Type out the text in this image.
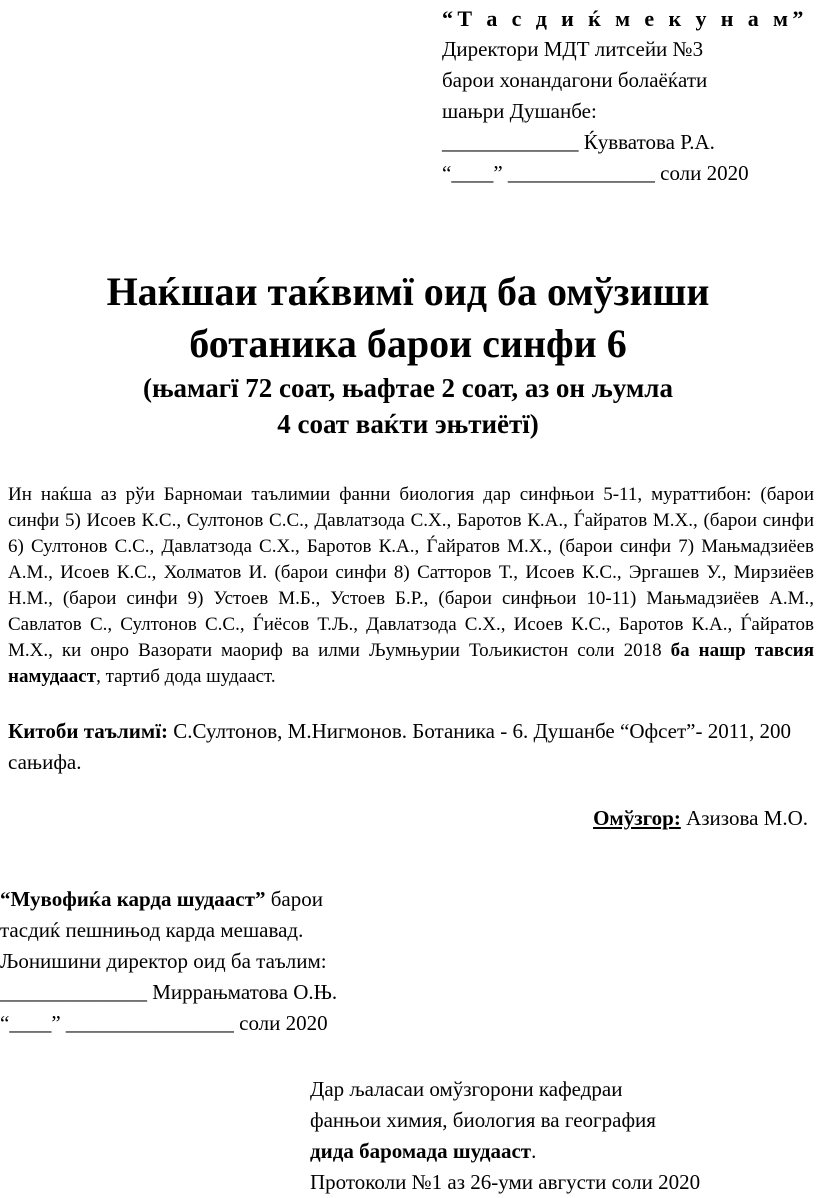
“Т а с д и ќ м е к у н а м”
Директори МДТ литсейи №3
барои хонандагони болаёќати
шањри Душанбе:
_____________ Ќувватова Р.А.
“____” ______________ соли 2020
Наќшаи таќвимї оид ба омўзиши
ботаника барои синфи 6
(њамагї 72 соат, њафтае 2 соат, аз он љумла
4 соат ваќти эњтиётї)
Ин наќша аз рўи Барномаи таълимии фанни биология дар синфњои 5-11, мураттибон: (барои синфи 5) Исоев К.С., Султонов С.С., Давлатзода С.Х., Баротов К.А., Ѓайратов М.Х., (барои синфи 6) Султонов С.С., Давлатзода С.Х., Баротов К.А., Ѓайратов М.Х., (барои синфи 7) Мањмадзиёев А.М., Исоев К.С., Холматов И. (барои синфи 8) Сатторов Т., Исоев К.С., Эргашев У., Мирзиёев Н.М., (барои синфи 9) Устоев М.Б., Устоев Б.Р., (барои синфњои 10-11) Мањмадзиёев А.М., Савлатов С., Султонов С.С., Ѓиёсов Т.Љ., Давлатзода С.Х., Исоев К.С., Баротов К.А., Ѓайратов М.Х., ки онро Вазорати маориф ва илми Љумњурии Тољикистон соли 2018 ба нашр тавсия намудааст, тартиб дода шудааст.
Китоби таълимї: С.Султонов, М.Нигмонов. Ботаника - 6. Душанбе “Офсет”- 2011, 200 сањифа.
Омўзгор: Азизова М.О.
“Мувофиќа карда шудааст” барои
тасдиќ пешнињод карда мешавад.
Љонишини директор оид ба таълим:
______________ Миррањматова О.Њ.
“____” ________________ соли 2020
Дар љаласаи омўзгорони кафедраи
фанњои химия, биология ва география
дида баромада шудааст.
Протоколи №1 аз 26-уми августи соли 2020
